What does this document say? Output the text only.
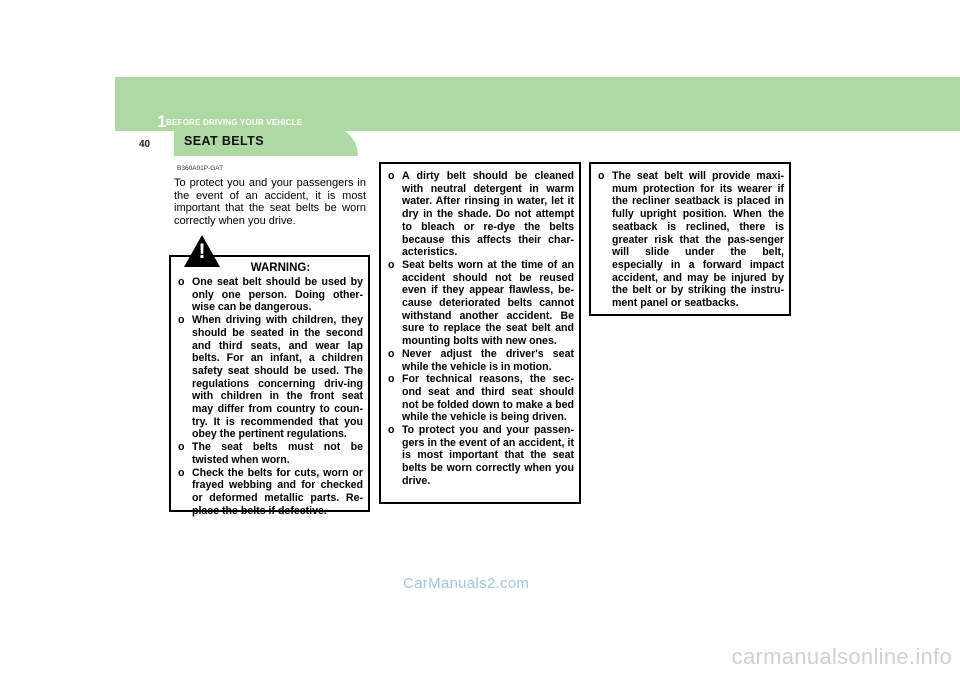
1 BEFORE DRIVING YOUR VEHICLE
40	SEAT BELTS
B360A01P-GAT
To protect you and your passengers in the event of an accident, it is most important that the seat belts be worn correctly when you drive.
WARNING:
o One seat belt should be used by only one person. Doing other-wise can be dangerous.
o When driving with children, they should be seated in the second and third seats, and wear lap belts. For an infant, a children safety seat should be used. The regulations concerning driv-ing with children in the front seat may differ from country to coun-try. It is recommended that you obey the pertinent regulations.
o The seat belts must not be twisted when worn.
o Check the belts for cuts, worn or frayed webbing and for checked or deformed metallic parts. Re-place the belts if defective.
!
o A dirty belt should be cleaned with neutral detergent in warm water. After rinsing in water, let it dry in the shade. Do not attempt to bleach or re-dye the belts because this affects their char-acteristics.
o Seat belts worn at the time of an accident should not be reused even if they appear flawless, be-cause deteriorated belts cannot withstand another accident. Be sure to replace the seat belt and mounting bolts with new ones.
o Never adjust the driver's seat while the vehicle is in motion.
o For technical reasons, the sec-ond seat and third seat should not be folded down to make a bed while the vehicle is being driven.
o To protect you and your passen-gers in the event of an accident, it is most important that the seat belts be worn correctly when you drive.
o The seat belt will provide maxi-mum protection for its wearer if the recliner seatback is placed in fully upright position. When the seatback is reclined, there is greater risk that the pas-senger will slide under the belt, especially in a forward impact accident, and may be injured by the belt or by striking the instru-ment panel or seatbacks.
CarManuals2.com
carmanualsonline.info
